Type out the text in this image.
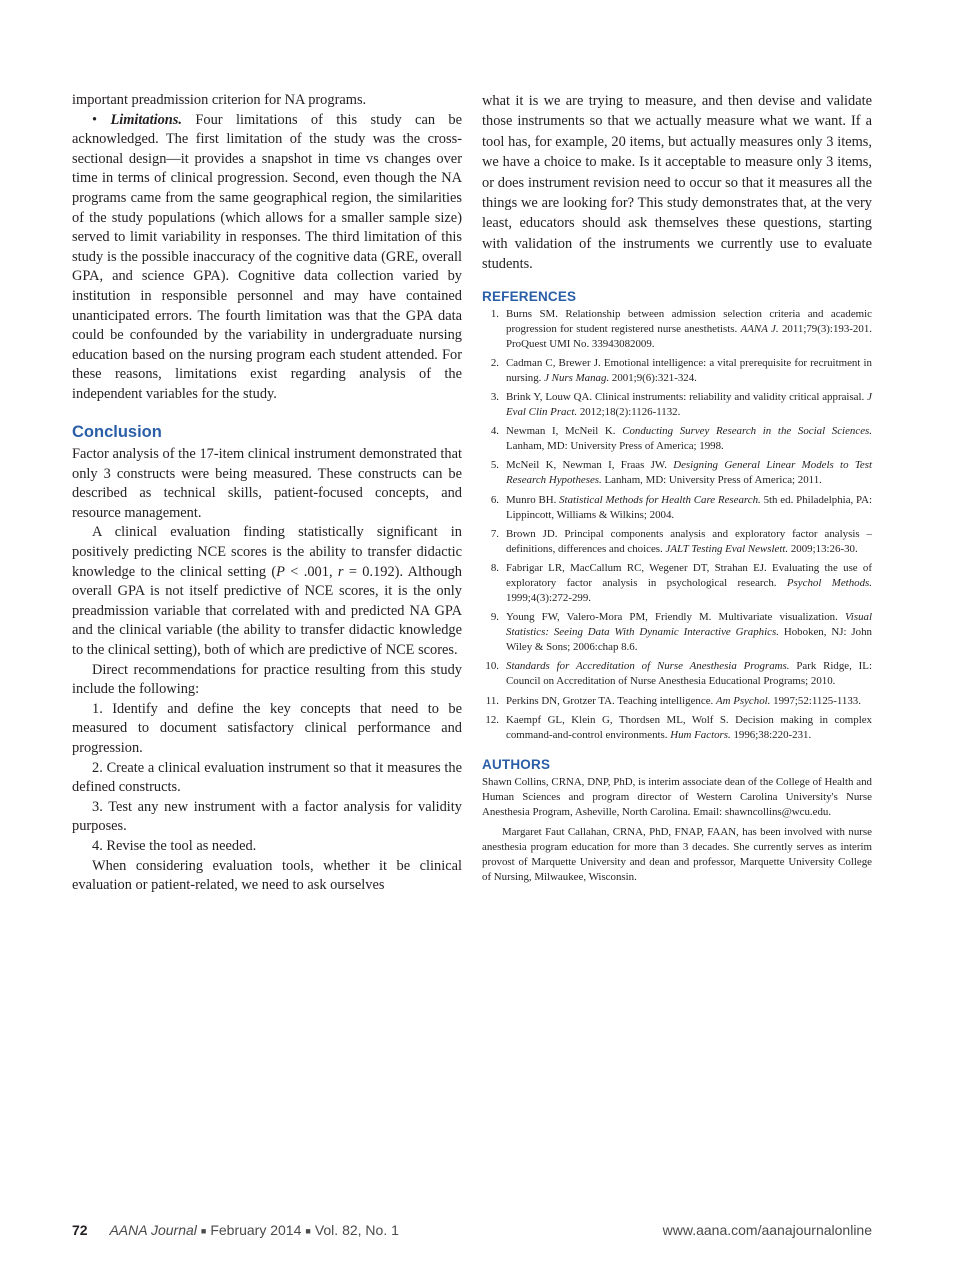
important preadmission criterion for NA programs.

• Limitations. Four limitations of this study can be acknowledged. The first limitation of the study was the cross-sectional design—it provides a snapshot in time vs changes over time in terms of clinical progression. Second, even though the NA programs came from the same geographical region, the similarities of the study populations (which allows for a smaller sample size) served to limit variability in responses. The third limitation of this study is the possible inaccuracy of the cognitive data (GRE, overall GPA, and science GPA). Cognitive data collection varied by institution in responsible personnel and may have contained unanticipated errors. The fourth limitation was that the GPA data could be confounded by the variability in undergraduate nursing education based on the nursing program each student attended. For these reasons, limitations exist regarding analysis of the independent variables for the study.

Conclusion

Factor analysis of the 17-item clinical instrument demonstrated that only 3 constructs were being measured. These constructs can be described as technical skills, patient-focused concepts, and resource management.

A clinical evaluation finding statistically significant in positively predicting NCE scores is the ability to transfer didactic knowledge to the clinical setting (P < .001, r = 0.192). Although overall GPA is not itself predictive of NCE scores, it is the only preadmission variable that correlated with and predicted NA GPA and the clinical variable (the ability to transfer didactic knowledge to the clinical setting), both of which are predictive of NCE scores.

Direct recommendations for practice resulting from this study include the following:

1. Identify and define the key concepts that need to be measured to document satisfactory clinical performance and progression.

2. Create a clinical evaluation instrument so that it measures the defined constructs.

3. Test any new instrument with a factor analysis for validity purposes.

4. Revise the tool as needed.

When considering evaluation tools, whether it be clinical evaluation or patient-related, we need to ask ourselves

what it is we are trying to measure, and then devise and validate those instruments so that we actually measure what we want. If a tool has, for example, 20 items, but actually measures only 3 items, we have a choice to make. Is it acceptable to measure only 3 items, or does instrument revision need to occur so that it measures all the things we are looking for? This study demonstrates that, at the very least, educators should ask themselves these questions, starting with validation of the instruments we currently use to evaluate students.

REFERENCES
1. Burns SM. Relationship between admission selection criteria and academic progression for student registered nurse anesthetists. AANA J. 2011;79(3):193-201. ProQuest UMI No. 33943082009.
2. Cadman C, Brewer J. Emotional intelligence: a vital prerequisite for recruitment in nursing. J Nurs Manag. 2001;9(6):321-324.
3. Brink Y, Louw QA. Clinical instruments: reliability and validity critical appraisal. J Eval Clin Pract. 2012;18(2):1126-1132.
4. Newman I, McNeil K. Conducting Survey Research in the Social Sciences. Lanham, MD: University Press of America; 1998.
5. McNeil K, Newman I, Fraas JW. Designing General Linear Models to Test Research Hypotheses. Lanham, MD: University Press of America; 2011.
6. Munro BH. Statistical Methods for Health Care Research. 5th ed. Philadelphia, PA: Lippincott, Williams & Wilkins; 2004.
7. Brown JD. Principal components analysis and exploratory factor analysis – definitions, differences and choices. JALT Testing Eval Newslett. 2009;13:26-30.
8. Fabrigar LR, MacCallum RC, Wegener DT, Strahan EJ. Evaluating the use of exploratory factor analysis in psychological research. Psychol Methods. 1999;4(3):272-299.
9. Young FW, Valero-Mora PM, Friendly M. Multivariate visualization. Visual Statistics: Seeing Data With Dynamic Interactive Graphics. Hoboken, NJ: John Wiley & Sons; 2006:chap 8.6.
10. Standards for Accreditation of Nurse Anesthesia Programs. Park Ridge, IL: Council on Accreditation of Nurse Anesthesia Educational Programs; 2010.
11. Perkins DN, Grotzer TA. Teaching intelligence. Am Psychol. 1997;52:1125-1133.
12. Kaempf GL, Klein G, Thordsen ML, Wolf S. Decision making in complex command-and-control environments. Hum Factors. 1996;38:220-231.
AUTHORS

Shawn Collins, CRNA, DNP, PhD, is interim associate dean of the College of Health and Human Sciences and program director of Western Carolina University's Nurse Anesthesia Program, Asheville, North Carolina. Email: shawncollins@wcu.edu.

Margaret Faut Callahan, CRNA, PhD, FNAP, FAAN, has been involved with nurse anesthesia program education for more than 3 decades. She currently serves as interim provost of Marquette University and dean and professor, Marquette University College of Nursing, Milwaukee, Wisconsin.

72 AANA Journal ■ February 2014 ■ Vol. 82, No. 1	www.aana.com/aanajournalonline
